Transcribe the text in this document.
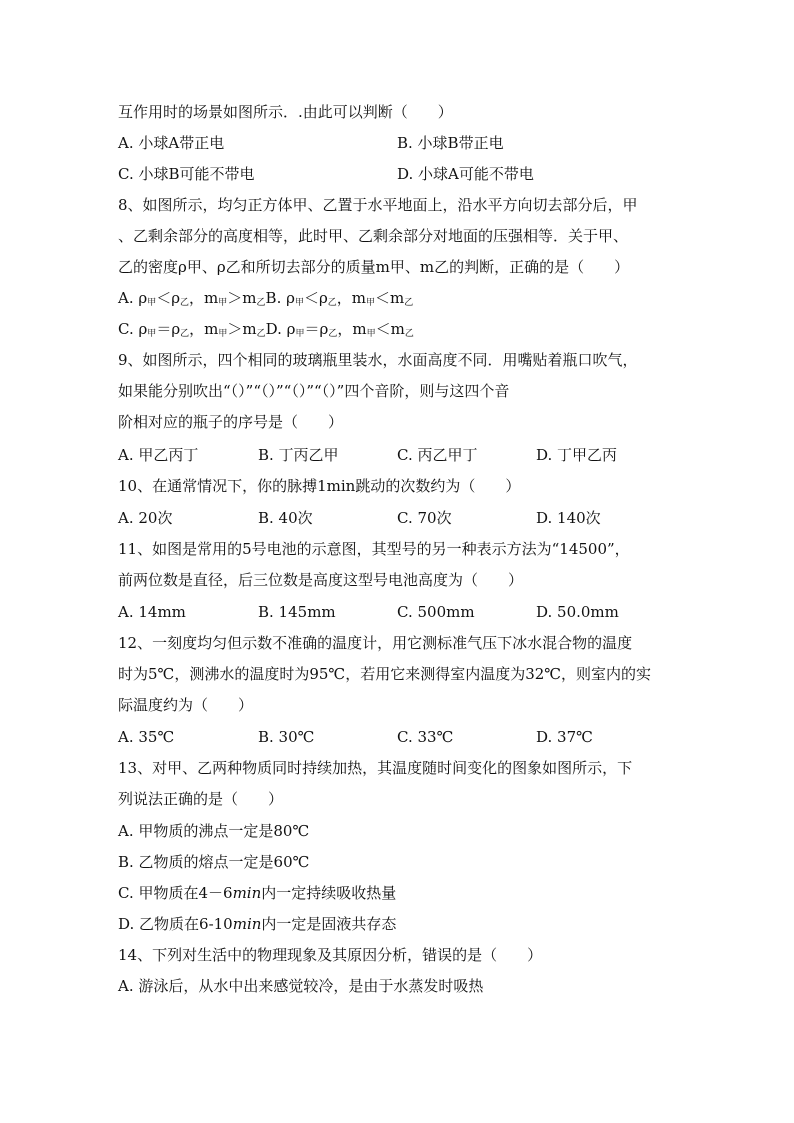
互作用时的场景如图所示．.由此可以判断（　　）
A. 小球A带正电	B. 小球B带正电
C. 小球B可能不带电	D. 小球A可能不带电
8、如图所示，均匀正方体甲、乙置于水平地面上，沿水平方向切去部分后，甲
、乙剩余部分的高度相等，此时甲、乙剩余部分对地面的压强相等．关于甲、
乙的密度ρ甲、ρ乙和所切去部分的质量m甲、m乙的判断，正确的是（　　）
A. $\rho_甲<\rho_乙$，$m_甲>m_乙B$. $\rho_甲<\rho_乙$，$m_甲<m_乙$
C. $\rho_甲=\rho_乙$，$m_甲>m_乙D$. $\rho_甲=\rho_乙$，$m_甲<m_乙$
9、如图所示，四个相同的玻璃瓶里装水，水面高度不同．用嘴贴着瓶口吹气，
如果能分别吹出“（）”“（）”“（）”“（）”四个音阶，则与这四个音
阶相对应的瓶子的序号是（　　）
A. 甲乙丙丁	B. 丁丙乙甲	C. 丙乙甲丁	D. 丁甲乙丙
10、在通常情况下，你的脉搏1min跳动的次数约为（　　）
A. 20次	B. 40次	C. 70次	D. 140次
11、如图是常用的5号电池的示意图，其型号的另一种表示方法为“14500”，
前两位数是直径，后三位数是高度这型号电池高度为（　　）
A. 14mm	B. 145mm	C. 500mm	D. 50.0mm
12、一刻度均匀但示数不准确的温度计，用它测标准气压下冰水混合物的温度
时为5℃，测沸水的温度时为95℃，若用它来测得室内温度为32℃，则室内的实
际温度约为（　　）
A. 35℃	B. 30℃	C. 33℃	D. 37℃
13、对甲、乙两种物质同时持续加热，其温度随时间变化的图象如图所示，下
列说法正确的是（　　）
A. 甲物质的沸点一定是80℃
B. 乙物质的熔点一定是60℃
C. 甲物质在4－6min内一定持续吸收热量
D. 乙物质在6-10min内一定是固液共存态
14、下列对生活中的物理现象及其原因分析，错误的是（　　）
A. 游泳后，从水中出来感觉较冷，是由于水蒸发时吸热
